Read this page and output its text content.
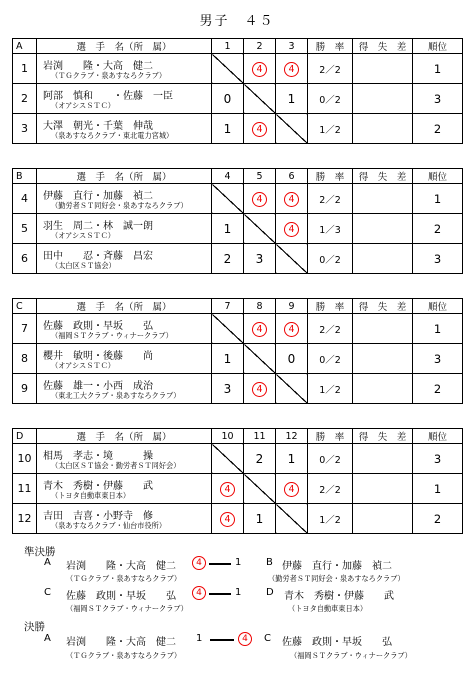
男子　４５
A	選　手　名（所　属）	1	2	3	勝　率	得　失　差	順位
1	岩渕　　隆・大高　健二
（ＴＧクラブ・泉あすなろクラブ）		4	4	2／2		1
2	阿部　慎和　　・佐藤　一臣
（オアシスＳＴＣ）	0		1	0／2		3
3	大澤　朝光・千葉　伸哉
（泉あすなろクラブ・東北電力宮城）	1	4		1／2		2
B	選　手　名（所　属）	4	5	6	勝　率	得　失　差	順位
4	伊藤　直行・加藤　禎二
（勤労者ＳＴ同好会・泉あすなろクラブ）		4	4	2／2		1
5	羽生　周二・林　誠一朗
（オアシスＳＴＣ）	1		4	1／3		2
6	田中　　忍・斉藤　昌宏
（太白区ＳＴ協会）	2	3		0／2		3
C	選　手　名（所　属）	7	8	9	勝　率	得　失　差	順位
7	佐藤　政則・早坂　　弘
（福岡ＳＴクラブ・ウィナークラブ）		4	4	2／2		1
8	櫻井　敏明・後藤　　尚
（オアシスＳＴＣ）	1		0	0／2		3
9	佐藤　雄一・小西　成治
（東北工大クラブ・泉あすなろクラブ）	3	4		1／2		2
D	選　手　名（所　属）	10	11	12	勝　率	得　失　差	順位
10	相馬　孝志・境　　　操
（太白区ＳＴ協会・勤労者ＳＴ同好会）		2	1	0／2		3
11	青木　秀樹・伊藤　　武
（トヨタ自動車東日本）	4		4	2／2		1
12	吉田　吉喜・小野寺　修
（泉あすなろクラブ・仙台市役所）	4	1		1／2		2
準決勝
A 岩渕　　隆・大高　健二
（ＴＧクラブ・泉あすなろクラブ）
4	1 B 伊藤　直行・加藤　禎二
（勤労者ＳＴ同好会・泉あすなろクラブ）
C 佐藤　政則・早坂　　弘
（福岡ＳＴクラブ・ウィナークラブ）
4	1 D 青木　秀樹・伊藤　　武
（トヨタ自動車東日本）
決勝
A 岩渕　　隆・大高　健二
（ＴＧクラブ・泉あすなろクラブ）
1	4	C 佐藤　政則・早坂　　弘
（福岡ＳＴクラブ・ウィナークラブ）
